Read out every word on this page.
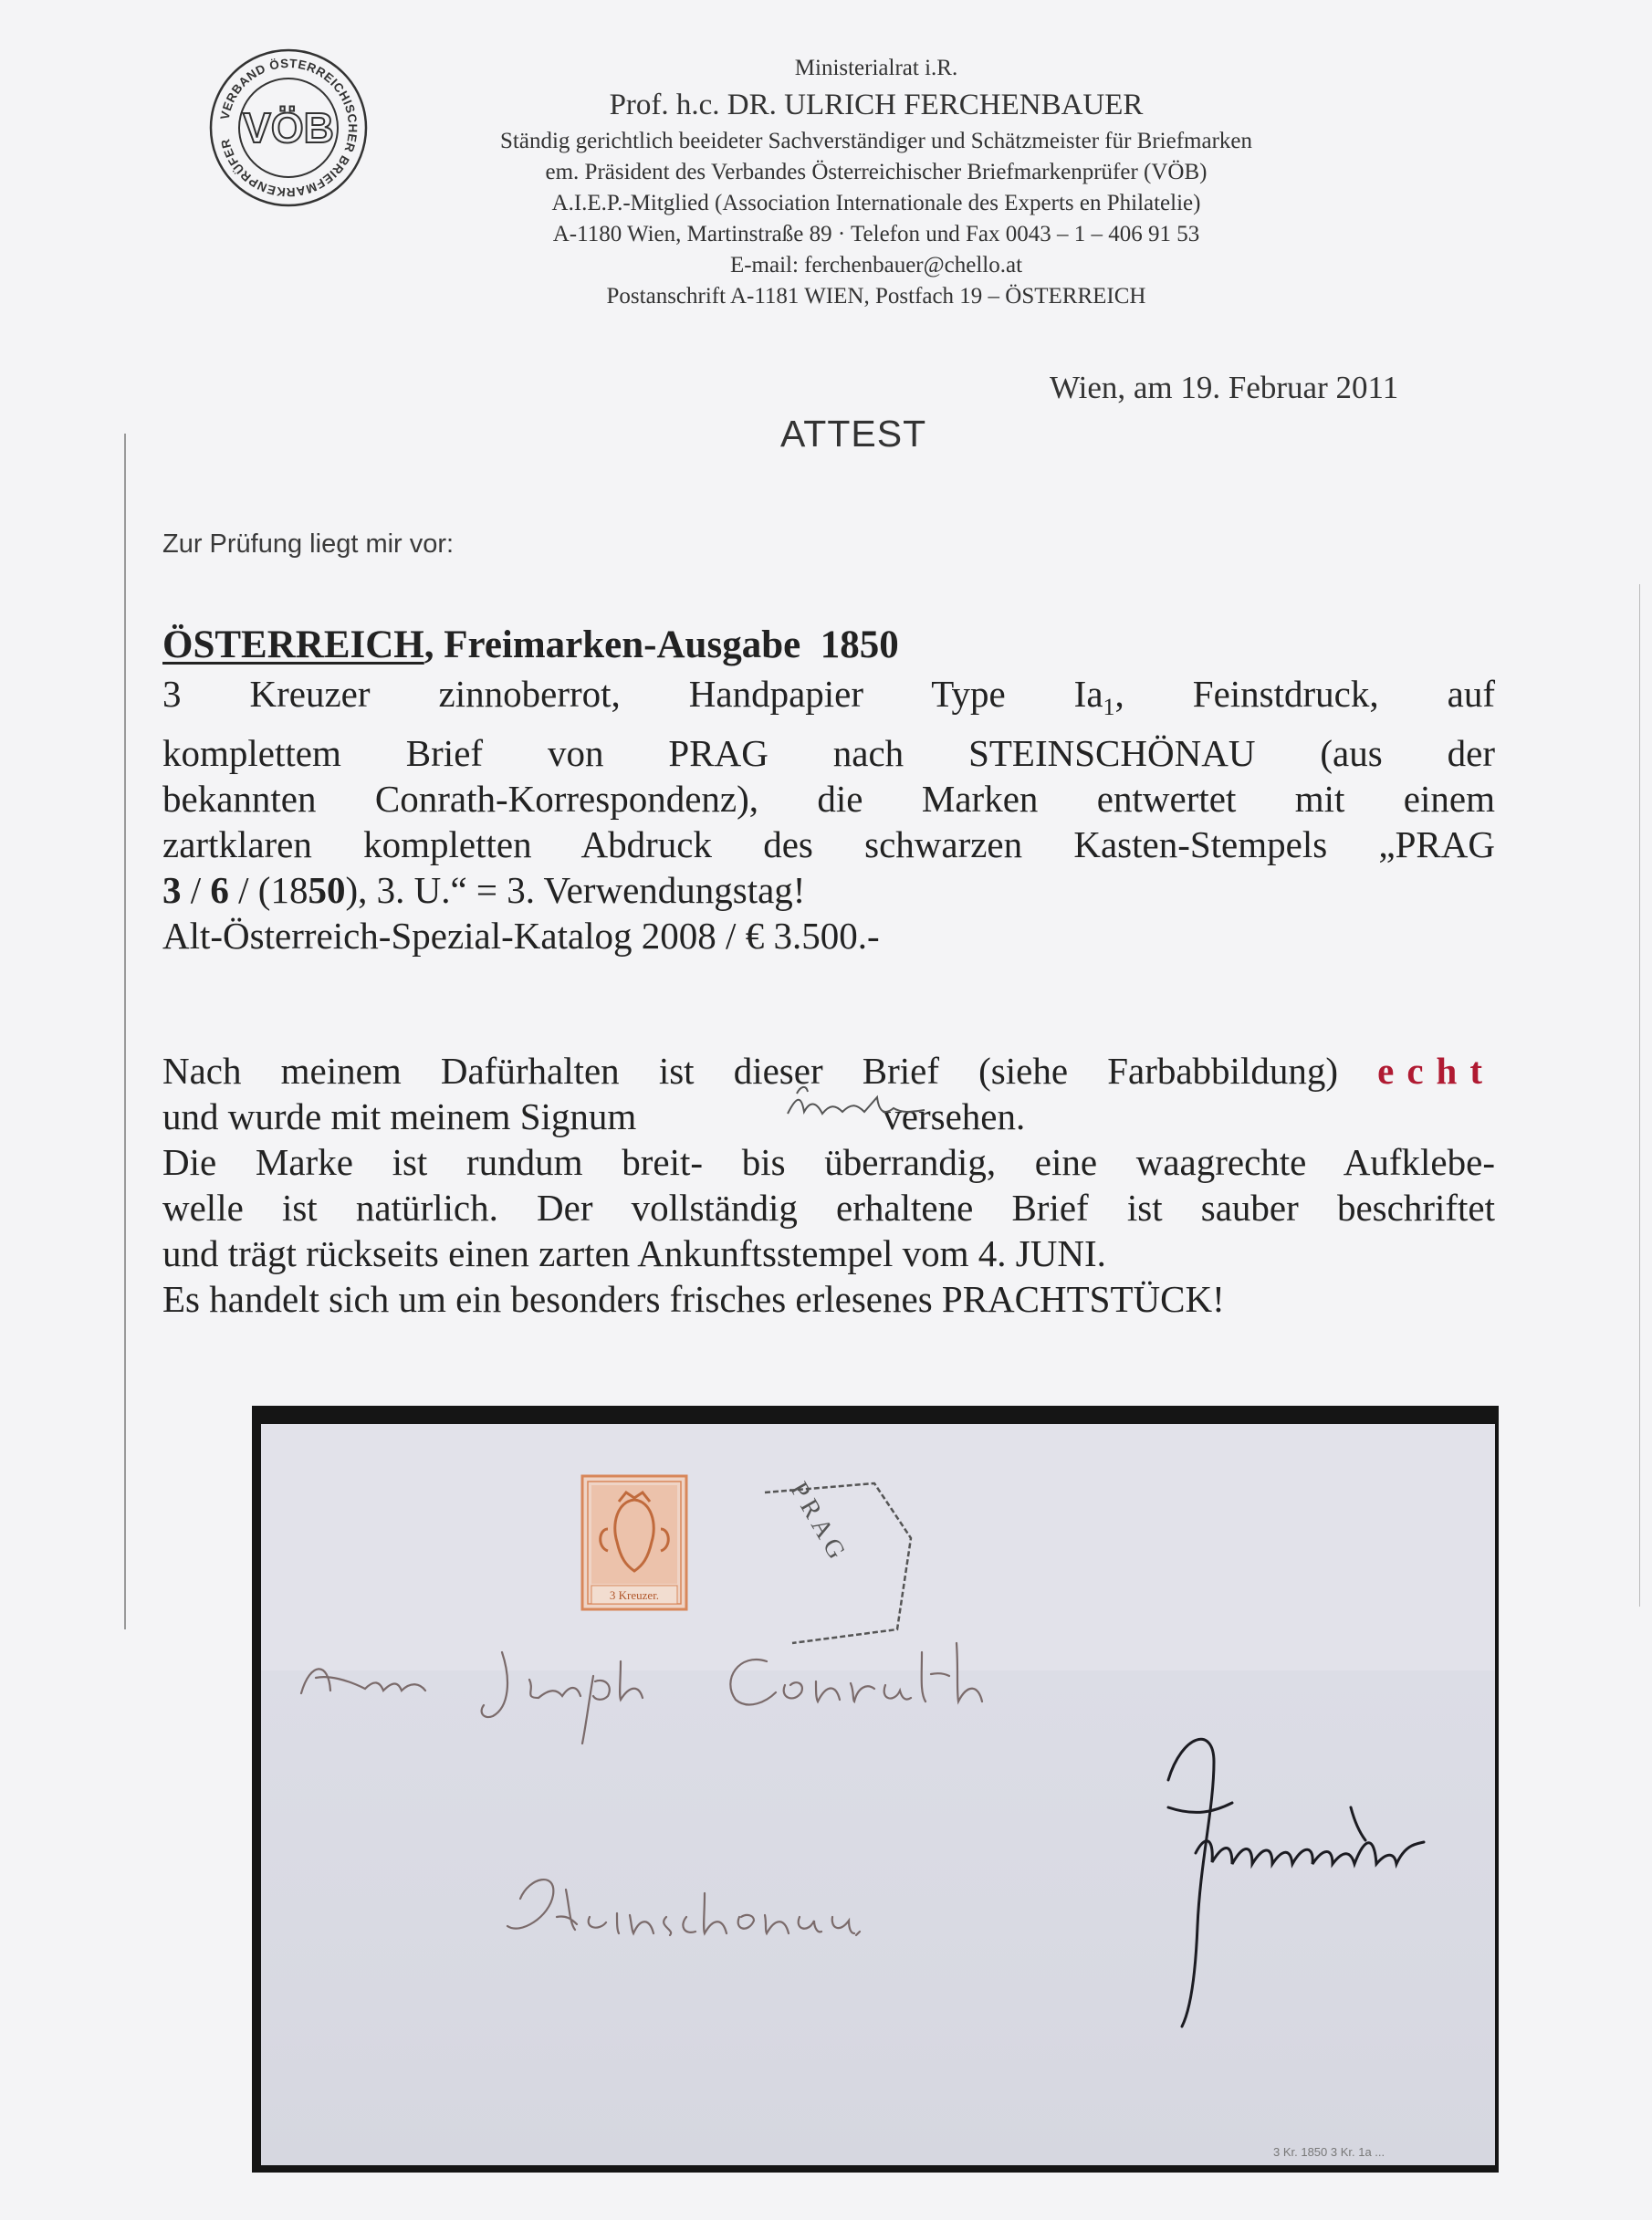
VERBAND ÖSTERREICHISCHER BRIEFMARKENPRÜFER VÖB
Ministerialrat i.R.
Prof. h.c. DR. ULRICH FERCHENBAUER
Ständig gerichtlich beeideter Sachverständiger und Schätzmeister für Briefmarken
em. Präsident des Verbandes Österreichischer Briefmarkenprüfer (VÖB)
A.I.E.P.-Mitglied (Association Internationale des Experts en Philatelie)
A-1180 Wien, Martinstraße 89 · Telefon und Fax 0043 – 1 – 406 91 53
E-mail: ferchenbauer@chello.at
Postanschrift A-1181 WIEN, Postfach 19 – ÖSTERREICH
Wien, am 19. Februar 2011
ATTEST
Zur Prüfung liegt mir vor:
ÖSTERREICH, Freimarken-Ausgabe  1850
3 Kreuzer zinnoberrot, Handpapier Type $Ia_1$, Feinstdruck, auf
komplettem Brief von PRAG nach STEINSCHÖNAU (aus der
bekannten Conrath-Korrespondenz), die Marken entwertet mit einem
zartklaren kompletten Abdruck des schwarzen Kasten-Stempels „PRAG
3 / 6 / (1850), 3. U.“ = 3. Verwendungstag!
Alt-Österreich-Spezial-Katalog 2008 / € 3.500.-
Nach meinem Dafürhalten ist dieser Brief (siehe Farbabbildung) echt
und wurde mit meinem Signum	versehen.
Die Marke ist rundum breit- bis überrandig, eine waagrechte Aufklebe-
welle ist natürlich. Der vollständig erhaltene Brief ist sauber beschriftet
und trägt rückseits einen zarten Ankunftsstempel vom 4. JUNI.
Es handelt sich um ein besonders frisches erlesenes PRACHTSTÜCK!
P R A G
3 Kreuzer.
3 Kr. 1850 3 Kr. 1a ...
